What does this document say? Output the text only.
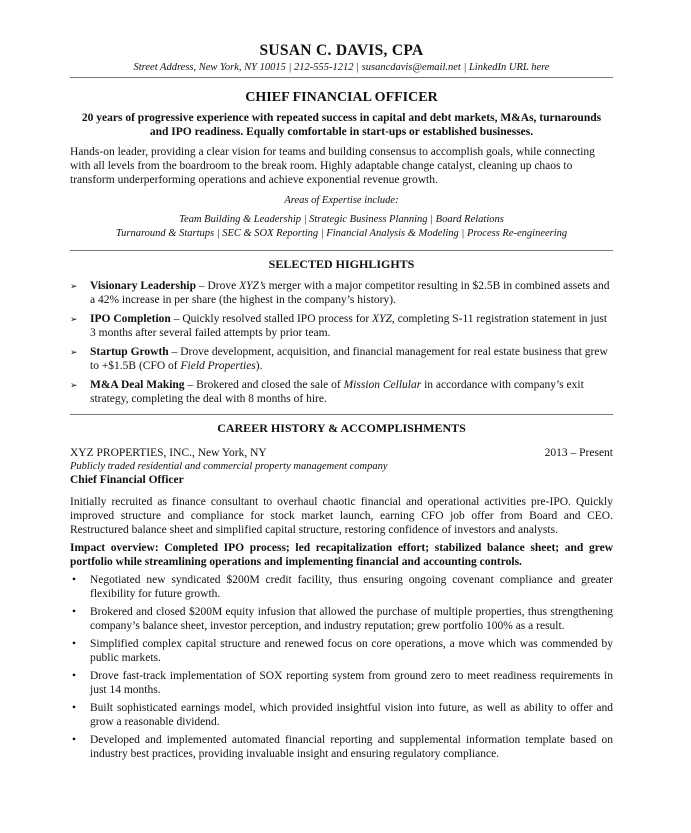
SUSAN C. DAVIS, CPA
Street Address, New York, NY 10015 | 212-555-1212 | susancdavis@email.net | LinkedIn URL here
CHIEF FINANCIAL OFFICER
20 years of progressive experience with repeated success in capital and debt markets, M&As, turnarounds
and IPO readiness. Equally comfortable in start-ups or established businesses.
Hands-on leader, providing a clear vision for teams and building consensus to accomplish goals, while connecting with all levels from the boardroom to the break room. Highly adaptable change catalyst, cleaning up chaos to transform underperforming operations and achieve exponential revenue growth.
Areas of Expertise include:
Team Building & Leadership | Strategic Business Planning | Board Relations
Turnaround & Startups | SEC & SOX Reporting | Financial Analysis & Modeling | Process Re-engineering
SELECTED HIGHLIGHTS
➢ Visionary Leadership – Drove XYZ’s merger with a major competitor resulting in $2.5B in combined assets and a 42% increase in per share (the highest in the company’s history).
➢ IPO Completion – Quickly resolved stalled IPO process for XYZ, completing S-11 registration statement in just 3 months after several failed attempts by prior team.
➢ Startup Growth – Drove development, acquisition, and financial management for real estate business that grew to +$1.5B (CFO of Field Properties).
➢ M&A Deal Making – Brokered and closed the sale of Mission Cellular in accordance with company’s exit strategy, completing the deal with 8 months of hire.
CAREER HISTORY & ACCOMPLISHMENTS
XYZ PROPERTIES, INC., New York, NY	2013 – Present
Publicly traded residential and commercial property management company
Chief Financial Officer
Initially recruited as finance consultant to overhaul chaotic financial and operational activities pre-IPO. Quickly improved structure and compliance for stock market launch, earning CFO job offer from Board and CEO. Restructured balance sheet and simplified capital structure, restoring confidence of investors and analysts.
Impact overview: Completed IPO process; led recapitalization effort; stabilized balance sheet; and grew portfolio while streamlining operations and implementing financial and accounting controls.
• Negotiated new syndicated $200M credit facility, thus ensuring ongoing covenant compliance and greater flexibility for future growth.
• Brokered and closed $200M equity infusion that allowed the purchase of multiple properties, thus strengthening company’s balance sheet, investor perception, and industry reputation; grew portfolio 100% as a result.
• Simplified complex capital structure and renewed focus on core operations, a move which was commended by public markets.
• Drove fast-track implementation of SOX reporting system from ground zero to meet readiness requirements in just 14 months.
• Built sophisticated earnings model, which provided insightful vision into future, as well as ability to offer and grow a reasonable dividend.
• Developed and implemented automated financial reporting and supplemental information template based on industry best practices, providing invaluable insight and ensuring regulatory compliance.
